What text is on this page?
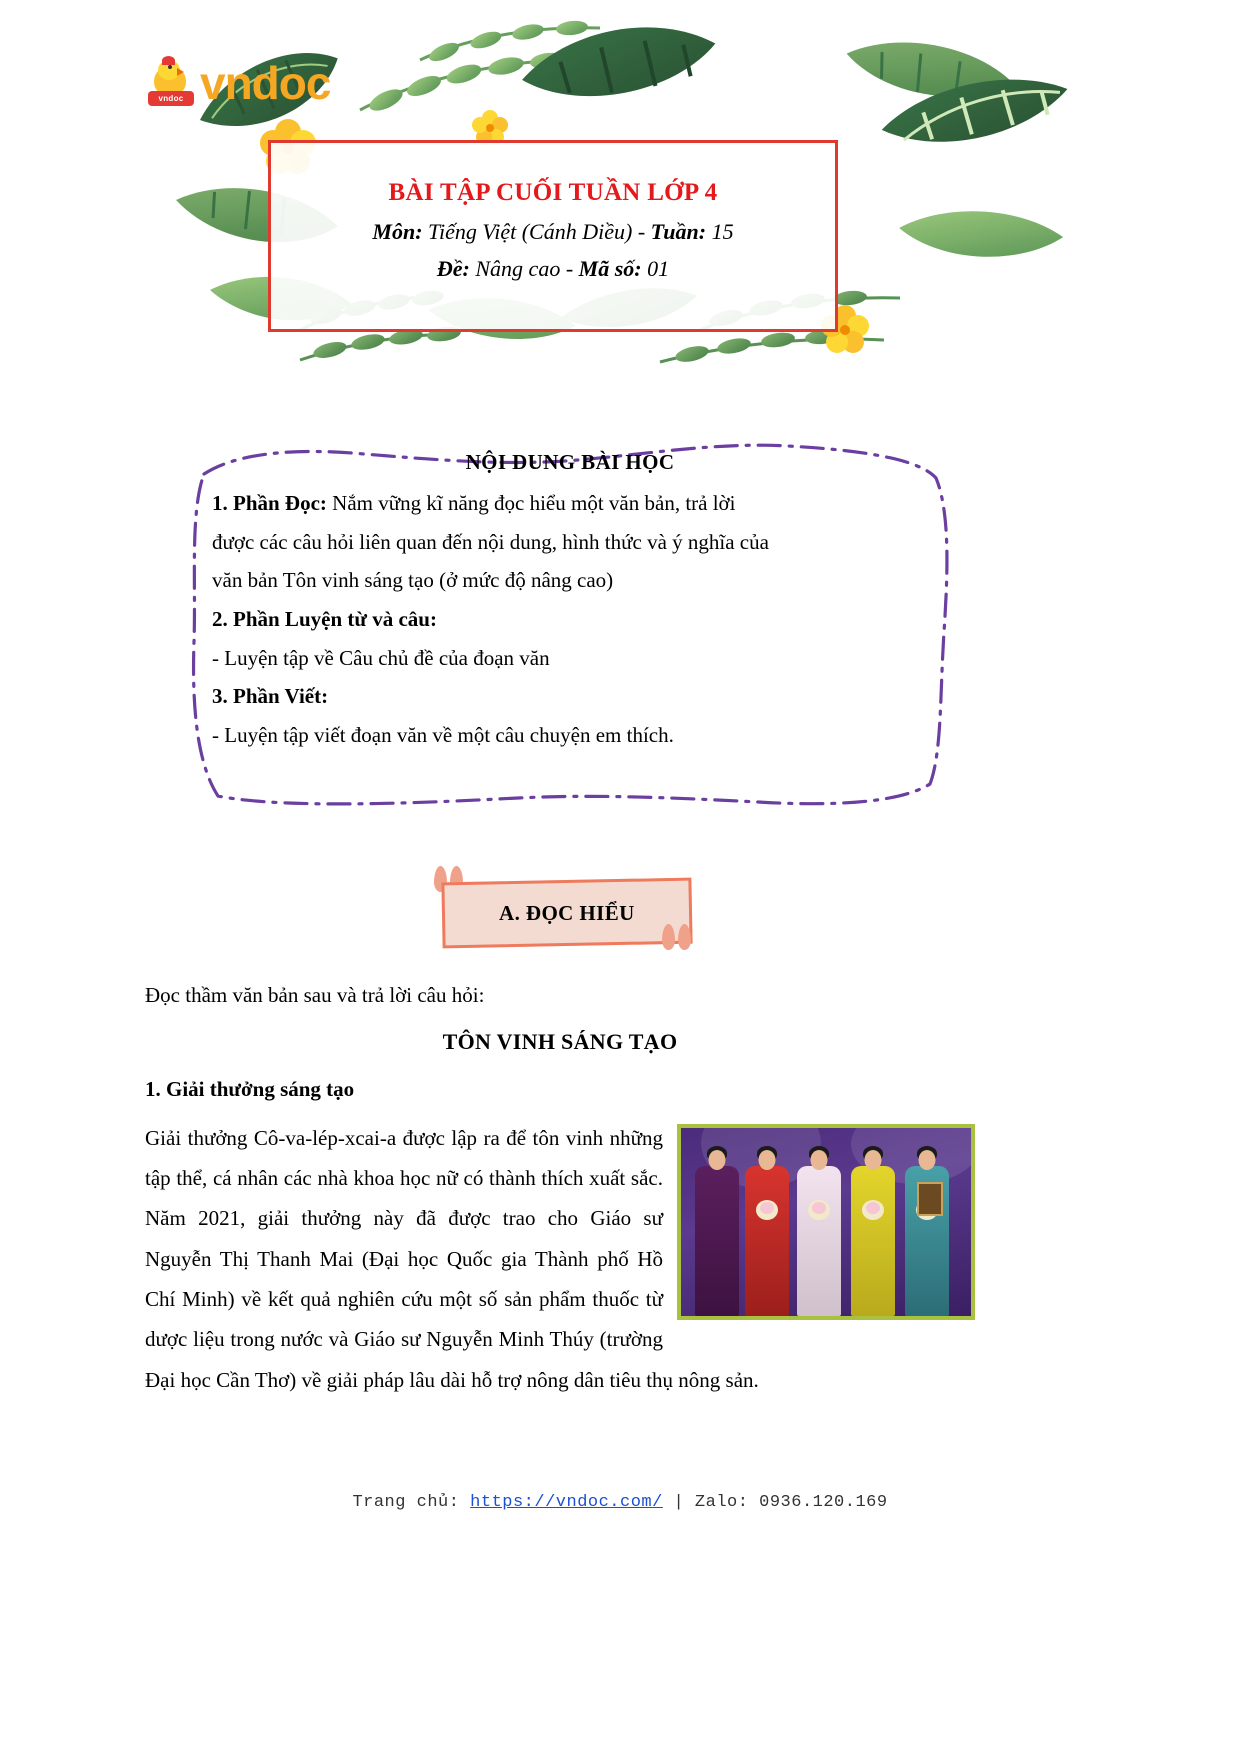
vndoc vndoc
BÀI TẬP CUỐI TUẦN LỚP 4
Môn: Tiếng Việt (Cánh Diều) - Tuần: 15
Đề: Nâng cao - Mã số: 01
NỘI DUNG BÀI HỌC
1. Phần Đọc: Nắm vững kĩ năng đọc hiểu một văn bản, trả lời
được các câu hỏi liên quan đến nội dung, hình thức và ý nghĩa của
văn bản Tôn vinh sáng tạo (ở mức độ nâng cao)
2. Phần Luyện từ và câu:
- Luyện tập về Câu chủ đề của đoạn văn
3. Phần Viết:
- Luyện tập viết đoạn văn về một câu chuyện em thích.
A. ĐỌC HIỂU
Đọc thầm văn bản sau và trả lời câu hỏi:
TÔN VINH SÁNG TẠO
1. Giải thưởng sáng tạo
Giải thưởng Cô-va-lép-xcai-a được lập ra để tôn vinh những tập thể, cá nhân các nhà khoa học nữ có thành thích xuất sắc. Năm 2021, giải thưởng này đã được trao cho Giáo sư Nguyễn Thị Thanh Mai (Đại học Quốc gia Thành phố Hồ Chí Minh) về kết quả nghiên cứu một số sản phẩm thuốc từ dược liệu trong nước và Giáo sư Nguyễn Minh Thúy (trường Đại học Cần Thơ) về giải pháp lâu dài hỗ trợ nông dân tiêu thụ nông sản.
Trang chủ: https://vndoc.com/ | Zalo: 0936.120.169
